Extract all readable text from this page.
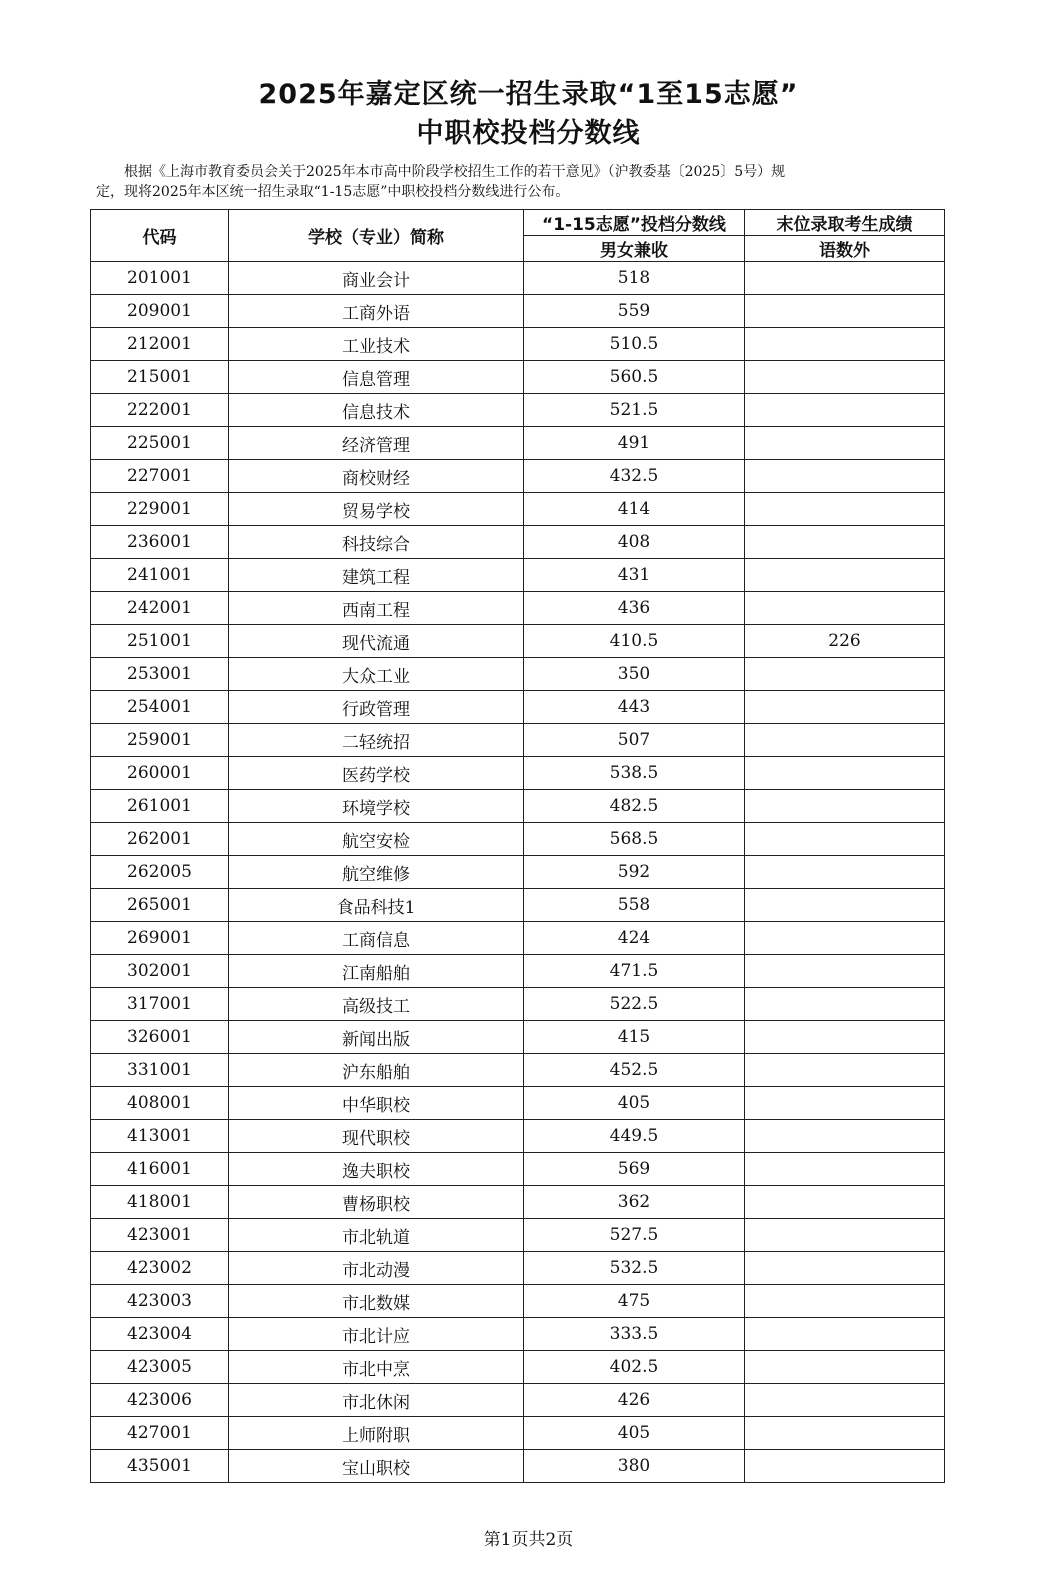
2025年嘉定区统一招生录取“1至15志愿”
中职校投档分数线

根据《上海市教育委员会关于2025年本市高中阶段学校招生工作的若干意见》（沪教委基〔2025〕5号）规
定，现将2025年本区统一招生录取“1-15志愿”中职校投档分数线进行公布。

代码	学校（专业）简称	“1-15志愿”投档分数线	末位录取考生成绩
		男女兼收	语数外
201001	商业会计	518	
209001	工商外语	559	
212001	工业技术	510.5	
215001	信息管理	560.5	
222001	信息技术	521.5	
225001	经济管理	491	
227001	商校财经	432.5	
229001	贸易学校	414	
236001	科技综合	408	
241001	建筑工程	431	
242001	西南工程	436	
251001	现代流通	410.5	226
253001	大众工业	350	
254001	行政管理	443	
259001	二轻统招	507	
260001	医药学校	538.5	
261001	环境学校	482.5	
262001	航空安检	568.5	
262005	航空维修	592	
265001	食品科技1	558	
269001	工商信息	424	
302001	江南船舶	471.5	
317001	高级技工	522.5	
326001	新闻出版	415	
331001	沪东船舶	452.5	
408001	中华职校	405	
413001	现代职校	449.5	
416001	逸夫职校	569	
418001	曹杨职校	362	
423001	市北轨道	527.5	
423002	市北动漫	532.5	
423003	市北数媒	475	
423004	市北计应	333.5	
423005	市北中烹	402.5	
423006	市北休闲	426	
427001	上师附职	405	
435001	宝山职校	380	
第1页共2页
